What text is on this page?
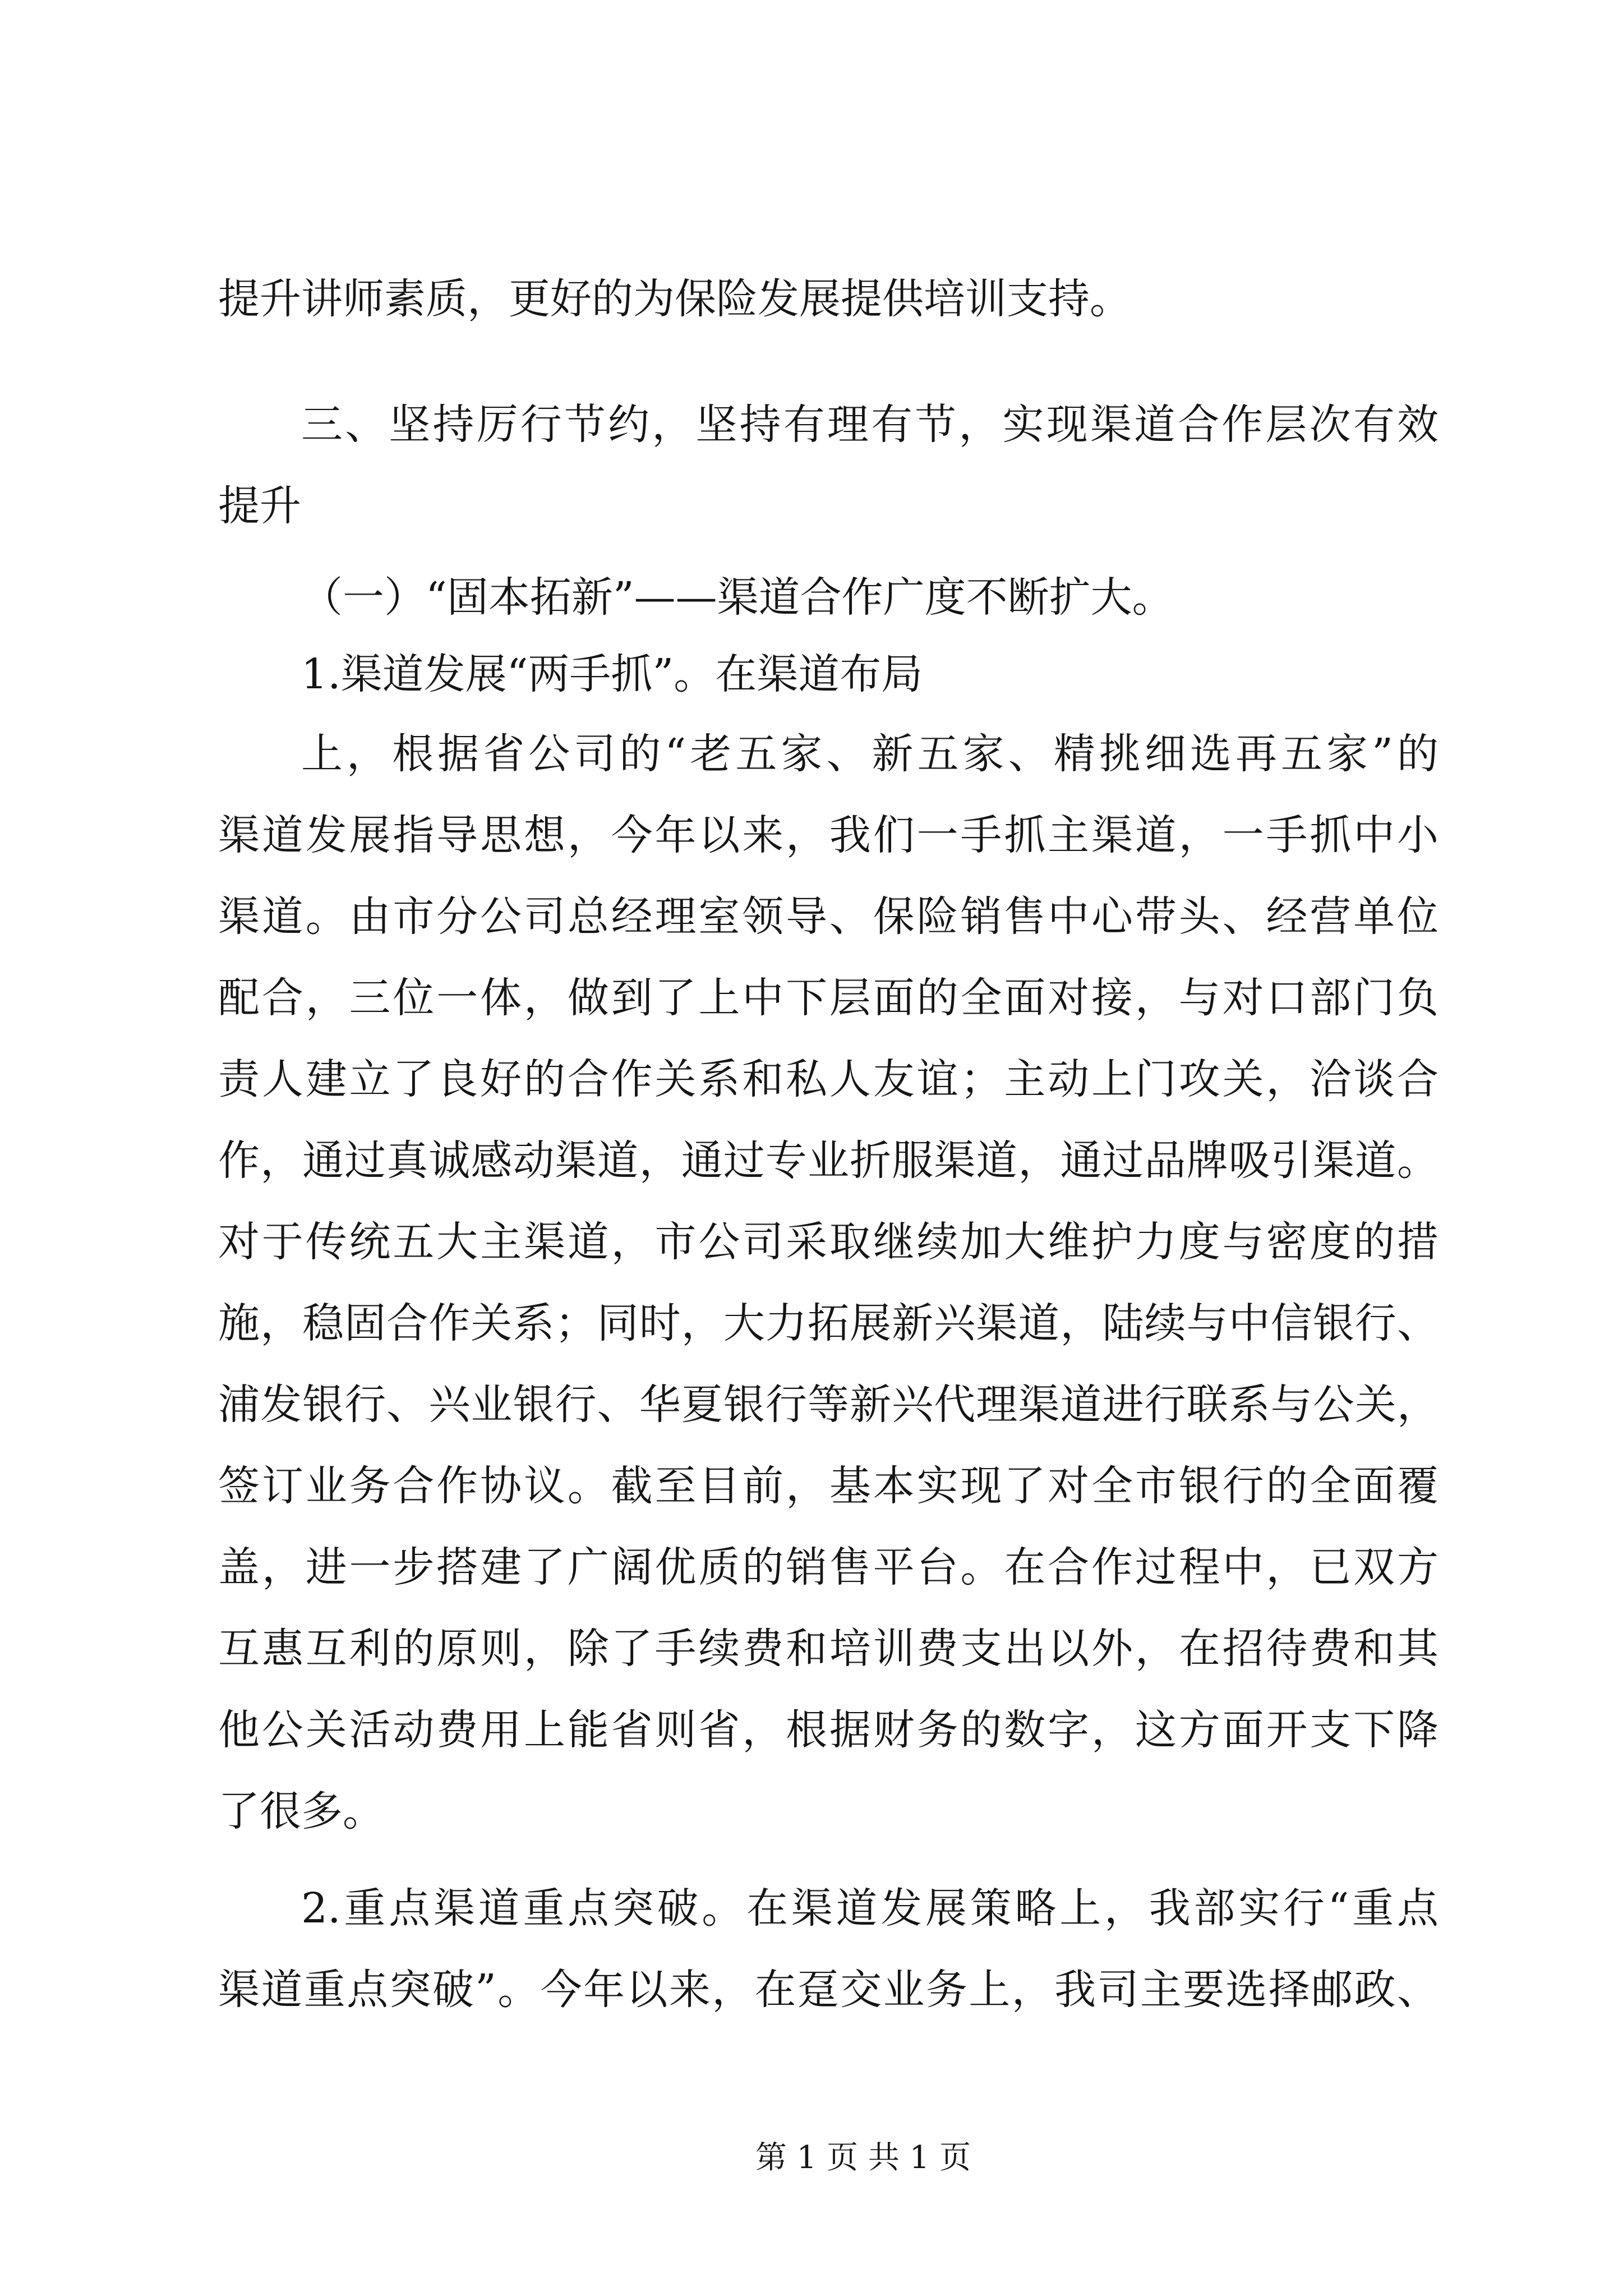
提升讲师素质，更好的为保险发展提供培训支持。
三、坚持厉行节约，坚持有理有节，实现渠道合作层次有效
提升
（一）“固本拓新”——渠道合作广度不断扩大。
1.渠道发展“两手抓”。在渠道布局
上，根据省公司的“老五家、新五家、精挑细选再五家”的
渠道发展指导思想，今年以来，我们一手抓主渠道，一手抓中小
渠道。由市分公司总经理室领导、保险销售中心带头、经营单位
配合，三位一体，做到了上中下层面的全面对接，与对口部门负
责人建立了良好的合作关系和私人友谊；主动上门攻关，洽谈合
作，通过真诚感动渠道，通过专业折服渠道，通过品牌吸引渠道。
对于传统五大主渠道，市公司采取继续加大维护力度与密度的措
施，稳固合作关系；同时，大力拓展新兴渠道，陆续与中信银行、
浦发银行、兴业银行、华夏银行等新兴代理渠道进行联系与公关，
签订业务合作协议。截至目前，基本实现了对全市银行的全面覆
盖，进一步搭建了广阔优质的销售平台。在合作过程中，已双方
互惠互利的原则，除了手续费和培训费支出以外，在招待费和其
他公关活动费用上能省则省，根据财务的数字，这方面开支下降
了很多。
2.重点渠道重点突破。在渠道发展策略上，我部实行“重点
渠道重点突破”。今年以来，在趸交业务上，我司主要选择邮政、
第 1 页 共 1 页
